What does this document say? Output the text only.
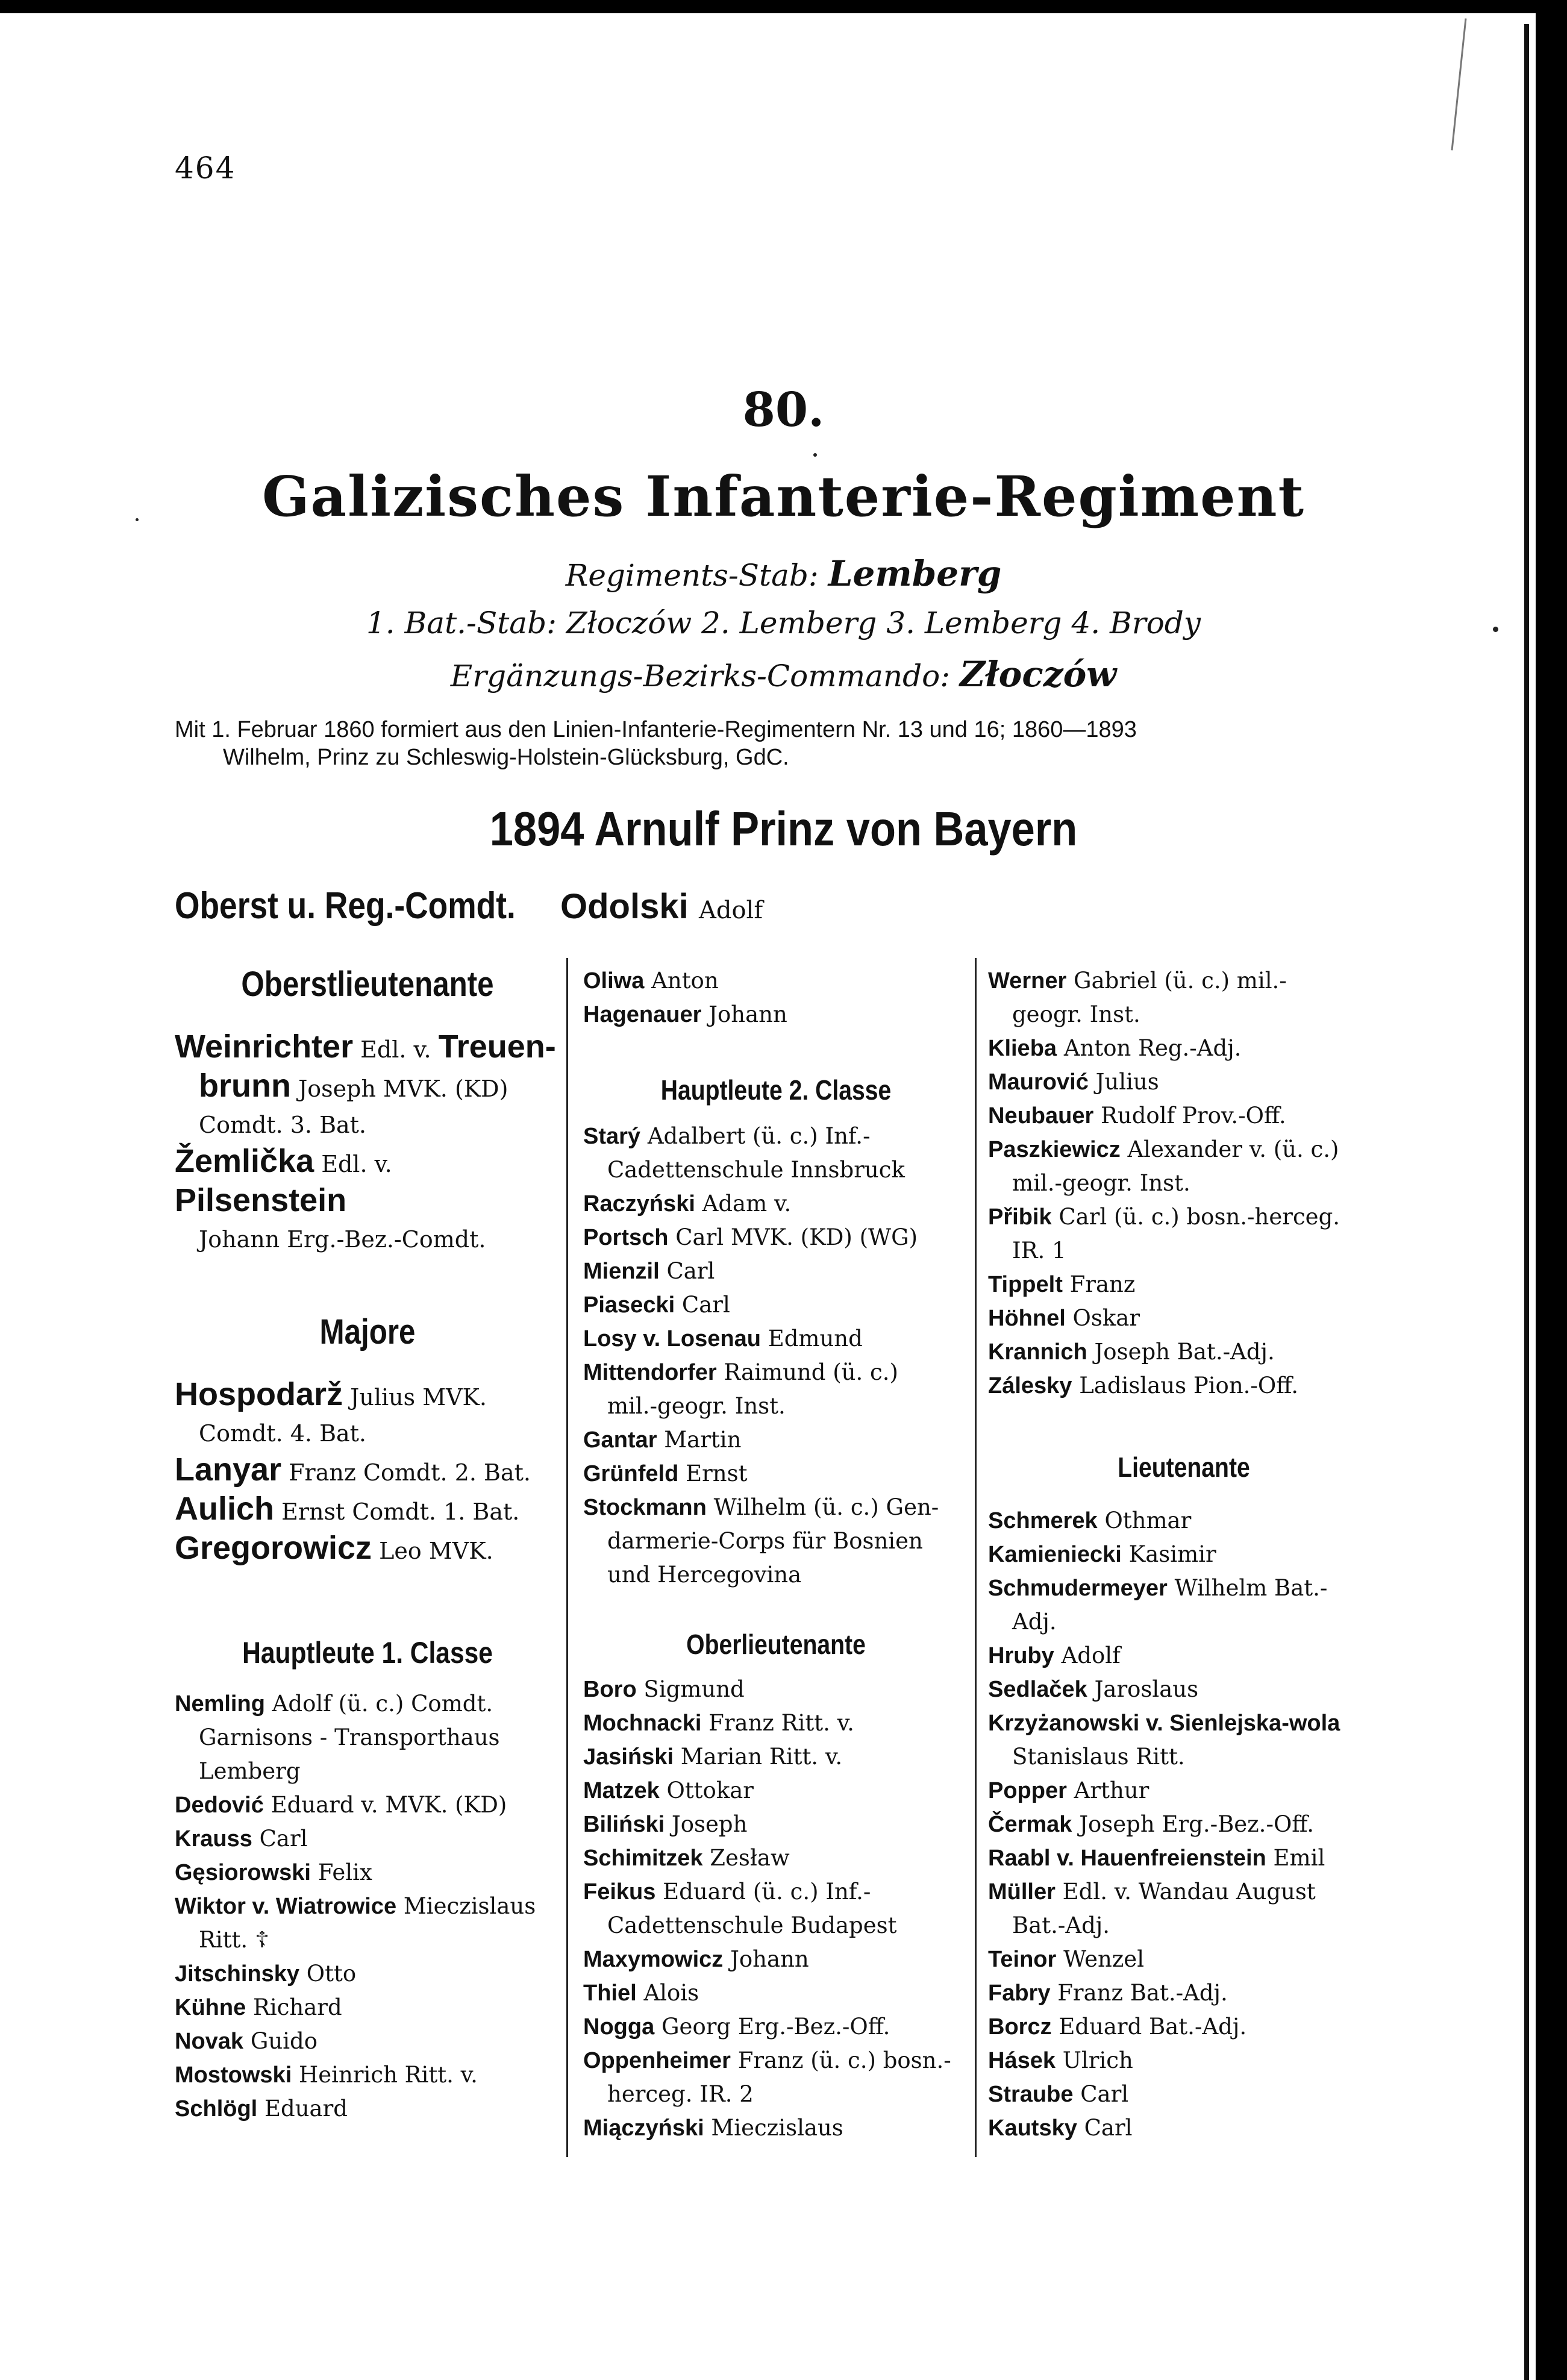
464
80.
Galizisches Infanterie-Regiment
Regiments-Stab: Lemberg
1. Bat.-Stab: Złoczów 2. Lemberg 3. Lemberg 4. Brody
Ergänzungs-Bezirks-Commando: Złoczów
Mit 1. Februar 1860 formiert aus den Linien-Infanterie-Regimentern Nr. 13 und 16; 1860—1893
Wilhelm, Prinz zu Schleswig-Holstein-Glücksburg, GdC.
1894 Arnulf Prinz von Bayern
Oberst u. Reg.-Comdt. Odolski Adolf
Oberstlieutenante
Weinrichter Edl. v. Treuen-
brunn Joseph MVK. (KD)
Comdt. 3. Bat.
Žemlička Edl. v. Pilsenstein
Johann Erg.-Bez.-Comdt.
Majore
Hospodarž Julius MVK.
Comdt. 4. Bat.
Lanyar Franz Comdt. 2. Bat.
Aulich Ernst Comdt. 1. Bat.
Gregorowicz Leo MVK.
Hauptleute 1. Classe
Nemling Adolf (ü. c.) Comdt.
Garnisons - Transporthaus
Lemberg
Dedović Eduard v. MVK. (KD)
Krauss Carl
Gęsiorowski Felix
Wiktor v. Wiatrowice Mieczislaus
Ritt. ☦
Jitschinsky Otto
Kühne Richard
Novak Guido
Mostowski Heinrich Ritt. v.
Schlögl Eduard
Oliwa Anton
Hagenauer Johann
Hauptleute 2. Classe
Starý Adalbert (ü. c.) Inf.-
Cadettenschule Innsbruck
Raczyński Adam v.
Portsch Carl MVK. (KD) (WG)
Mienzil Carl
Piasecki Carl
Losy v. Losenau Edmund
Mittendorfer Raimund (ü. c.)
mil.-geogr. Inst.
Gantar Martin
Grünfeld Ernst
Stockmann Wilhelm (ü. c.) Gen-
darmerie-Corps für Bosnien
und Hercegovina
Oberlieutenante
Boro Sigmund
Mochnacki Franz Ritt. v.
Jasiński Marian Ritt. v.
Matzek Ottokar
Biliński Joseph
Schimitzek Zesław
Feikus Eduard (ü. c.) Inf.-
Cadettenschule Budapest
Maxymowicz Johann
Thiel Alois
Nogga Georg Erg.-Bez.-Off.
Oppenheimer Franz (ü. c.) bosn.-
herceg. IR. 2
Miączyński Mieczislaus
Werner Gabriel (ü. c.) mil.-
geogr. Inst.
Klieba Anton Reg.-Adj.
Maurović Julius
Neubauer Rudolf Prov.-Off.
Paszkiewicz Alexander v. (ü. c.)
mil.-geogr. Inst.
Přibik Carl (ü. c.) bosn.-herceg.
IR. 1
Tippelt Franz
Höhnel Oskar
Krannich Joseph Bat.-Adj.
Zálesky Ladislaus Pion.-Off.
Lieutenante
Schmerek Othmar
Kamieniecki Kasimir
Schmudermeyer Wilhelm Bat.-
Adj.
Hruby Adolf
Sedlaček Jaroslaus
Krzyżanowski v. Sienlejska-wola
Stanislaus Ritt.
Popper Arthur
Čermak Joseph Erg.-Bez.-Off.
Raabl v. Hauenfreienstein Emil
Müller Edl. v. Wandau August
Bat.-Adj.
Teinor Wenzel
Fabry Franz Bat.-Adj.
Borcz Eduard Bat.-Adj.
Hásek Ulrich
Straube Carl
Kautsky Carl
